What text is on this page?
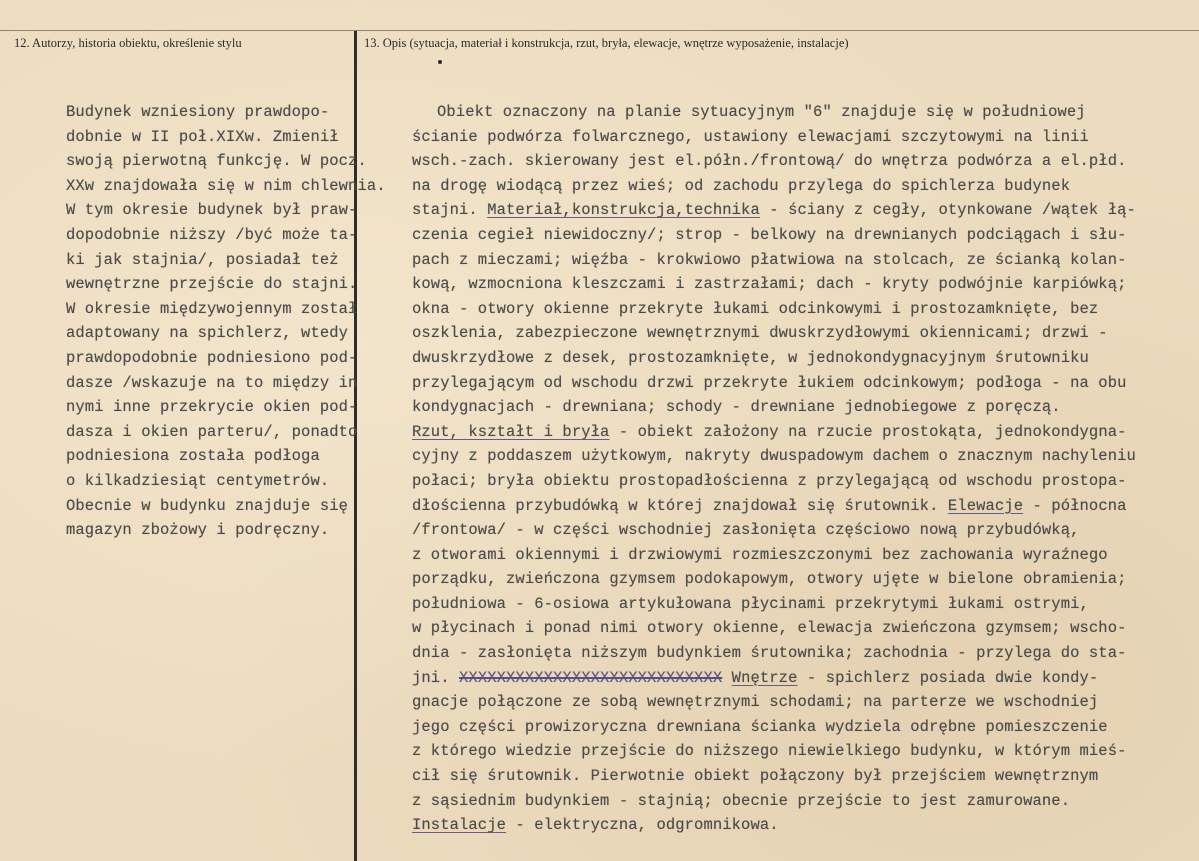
12. Autorzy, historia obiektu, określenie stylu	13. Opis (sytuacja, materiał i konstrukcja, rzut, bryła, elewacje, wnętrze wyposażenie, instalacje)
Budynek wzniesiony prawdopo-
dobnie w II poł.XIXw. Zmienił
swoją pierwotną funkcję. W pocz.
XXw znajdowała się w nim chlewnia.
W tym okresie budynek był praw-
dopodobnie niższy /być może ta-
ki jak stajnia/, posiadał też
wewnętrzne przejście do stajni.
W okresie międzywojennym został
adaptowany na spichlerz, wtedy
prawdopodobnie podniesiono pod-
dasze /wskazuje na to między in
nymi inne przekrycie okien pod-
dasza i okien parteru/, ponadto
podniesiona została podłoga
o kilkadziesiąt centymetrów.
Obecnie w budynku znajduje się
magazyn zbożowy i podręczny.
Obiekt oznaczony na planie sytuacyjnym "6" znajduje się w południowej
ścianie podwórza folwarcznego, ustawiony elewacjami szczytowymi na linii
wsch.-zach. skierowany jest el.półn./frontową/ do wnętrza podwórza a el.płd.
na drogę wiodącą przez wieś; od zachodu przylega do spichlerza budynek
stajni. Materiał,konstrukcja,technika - ściany z cegły, otynkowane /wątek łą-
czenia cegieł niewidoczny/; strop - belkowy na drewnianych podciągach i słu-
pach z mieczami; więźba - krokwiowo płatwiowa na stolcach, ze ścianką kolan-
kową, wzmocniona kleszczami i zastrzałami; dach - kryty podwójnie karpiówką;
okna - otwory okienne przekryte łukami odcinkowymi i prostozamknięte, bez
oszklenia, zabezpieczone wewnętrznymi dwuskrzydłowymi okiennicami; drzwi -
dwuskrzydłowe z desek, prostozamknięte, w jednokondygnacyjnym śrutowniku
przylegającym od wschodu drzwi przekryte łukiem odcinkowym; podłoga - na obu
kondygnacjach - drewniana; schody - drewniane jednobiegowe z poręczą.
Rzut, kształt i bryła - obiekt założony na rzucie prostokąta, jednokondygna-
cyjny z poddaszem użytkowym, nakryty dwuspadowym dachem o znacznym nachyleniu
połaci; bryła obiektu prostopadłościenna z przylegającą od wschodu prostopa-
dłościenna przybudówką w której znajdował się śrutownik. Elewacje - północna
/frontowa/ - w części wschodniej zasłonięta częściowo nową przybudówką,
z otworami okiennymi i drzwiowymi rozmieszczonymi bez zachowania wyraźnego
porządku, zwieńczona gzymsem podokapowym, otwory ujęte w bielone obramienia;
południowa - 6-osiowa artykułowana płycinami przekrytymi łukami ostrymi,
w płycinach i ponad nimi otwory okienne, elewacja zwieńczona gzymsem; wscho-
dnia - zasłonięta niższym budynkiem śrutownika; zachodnia - przylega do sta-
jni. XXXXXXXXXXXXXXXXXXXXXXXXXXXX Wnętrze - spichlerz posiada dwie kondy-
gnacje połączone ze sobą wewnętrznymi schodami; na parterze we wschodniej
jego części prowizoryczna drewniana ścianka wydziela odrębne pomieszczenie
z którego wiedzie przejście do niższego niewielkiego budynku, w którym mieś-
cił się śrutownik. Pierwotnie obiekt połączony był przejściem wewnętrznym
z sąsiednim budynkiem - stajnią; obecnie przejście to jest zamurowane.
Instalacje - elektryczna, odgromnikowa.
